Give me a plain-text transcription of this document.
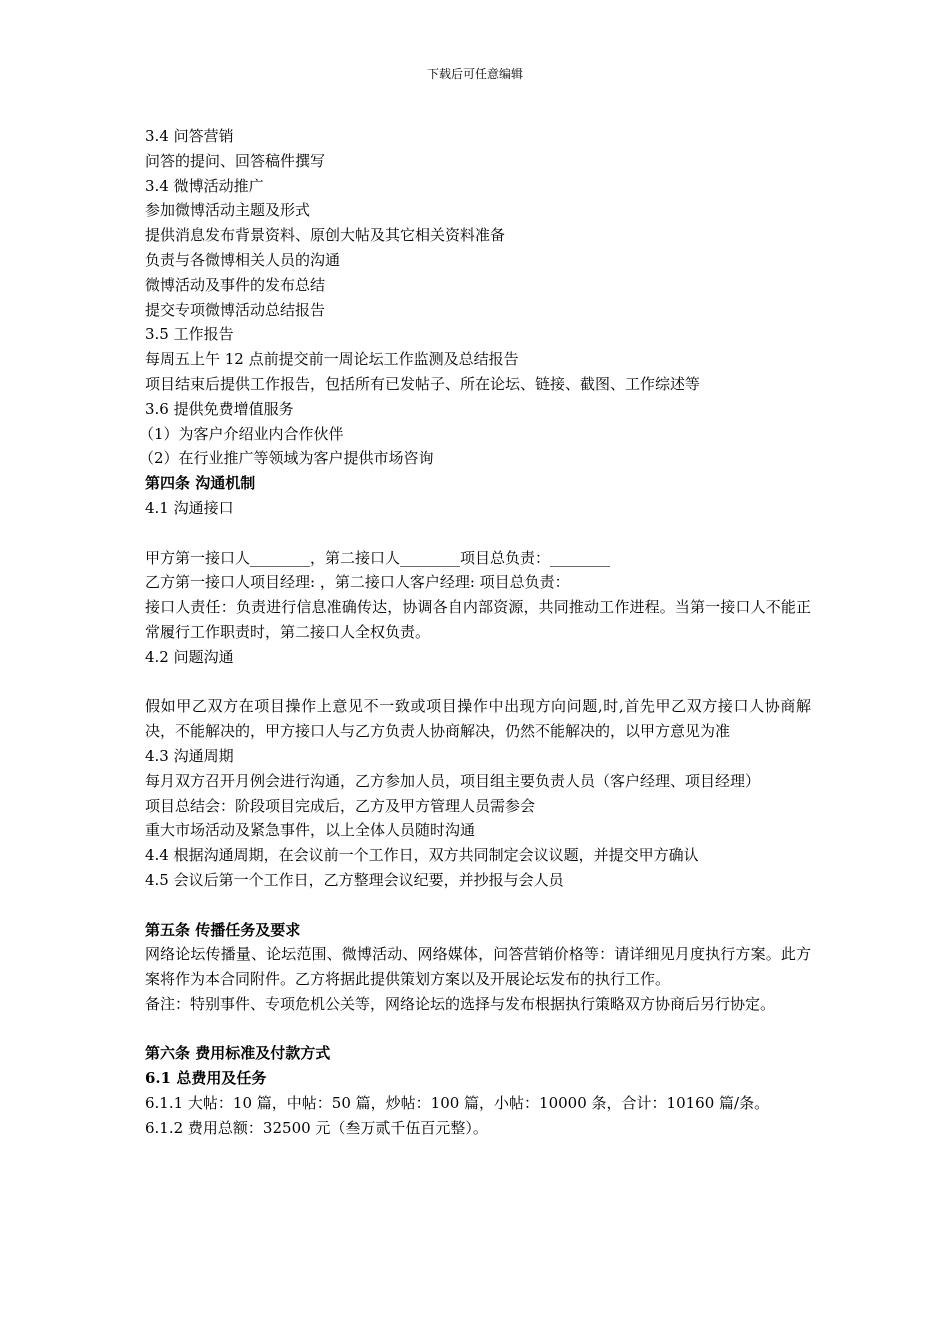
下载后可任意编辑
3.4 问答营销
问答的提问、回答稿件撰写
3.4 微博活动推广
参加微博活动主题及形式
提供消息发布背景资料、原创大帖及其它相关资料准备
负责与各微博相关人员的沟通
微博活动及事件的发布总结
提交专项微博活动总结报告
3.5 工作报告
每周五上午 12 点前提交前一周论坛工作监测及总结报告
项目结束后提供工作报告，包括所有已发帖子、所在论坛、链接、截图、工作综述等
3.6 提供免费增值服务
（1）为客户介绍业内合作伙伴
（2）在行业推广等领域为客户提供市场咨询
第四条 沟通机制
4.1 沟通接口
甲方第一接口人________，第二接口人________项目总负责：________
乙方第一接口人项目经理: ，第二接口人客户经理: 项目总负责：
接口人责任：负责进行信息准确传达，协调各自内部资源，共同推动工作进程。当第一接口人不能正常履行工作职责时，第二接口人全权负责。
4.2 问题沟通
假如甲乙双方在项目操作上意见不一致或项目操作中出现方向问题,时,首先甲乙双方接口人协商解决，不能解决的，甲方接口人与乙方负责人协商解决，仍然不能解决的，以甲方意见为准
4.3 沟通周期
每月双方召开月例会进行沟通，乙方参加人员，项目组主要负责人员（客户经理、项目经理）
项目总结会：阶段项目完成后，乙方及甲方管理人员需参会
重大市场活动及紧急事件，以上全体人员随时沟通
4.4 根据沟通周期，在会议前一个工作日，双方共同制定会议议题，并提交甲方确认
4.5 会议后第一个工作日，乙方整理会议纪要，并抄报与会人员
第五条 传播任务及要求
网络论坛传播量、论坛范围、微博活动、网络媒体，问答营销价格等：请详细见月度执行方案。此方案将作为本合同附件。乙方将据此提供策划方案以及开展论坛发布的执行工作。
备注：特别事件、专项危机公关等，网络论坛的选择与发布根据执行策略双方协商后另行协定。
第六条 费用标准及付款方式
6.1 总费用及任务
6.1.1 大帖：10 篇，中帖：50 篇，炒帖：100 篇，小帖：10000 条，合计：10160 篇/条。
6.1.2 费用总额：32500 元（叁万贰千伍百元整）。
